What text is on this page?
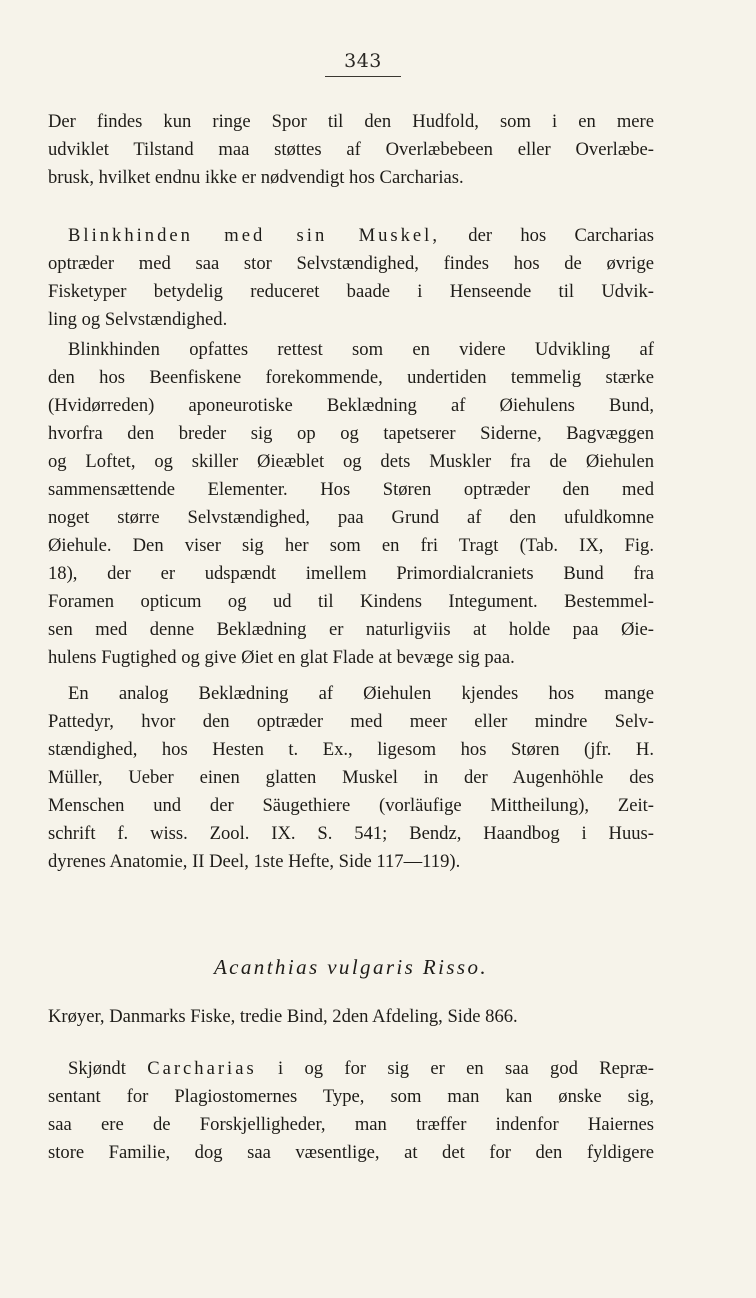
343
Der findes kun ringe Spor til den Hudfold, som i en mere
udviklet Tilstand maa støttes af Overlæbebeen eller Overlæbe-
brusk, hvilket endnu ikke er nødvendigt hos Carcharias.
Blinkhinden med sin Muskel, der hos Carcharias
optræder med saa stor Selvstændighed, findes hos de øvrige
Fisketyper betydelig reduceret baade i Henseende til Udvik-
ling og Selvstændighed.
Blinkhinden opfattes rettest som en videre Udvikling af
den hos Beenfiskene forekommende, undertiden temmelig stærke
(Hvidørreden) aponeurotiske Beklædning af Øiehulens Bund,
hvorfra den breder sig op og tapetserer Siderne, Bagvæggen
og Loftet, og skiller Øieæblet og dets Muskler fra de Øiehulen
sammensættende Elementer. Hos Støren optræder den med
noget større Selvstændighed, paa Grund af den ufuldkomne
Øiehule. Den viser sig her som en fri Tragt (Tab. IX, Fig.
18), der er udspændt imellem Primordialcraniets Bund fra
Foramen opticum og ud til Kindens Integument. Bestemmel-
sen med denne Beklædning er naturligviis at holde paa Øie-
hulens Fugtighed og give Øiet en glat Flade at bevæge sig paa.
En analog Beklædning af Øiehulen kjendes hos mange
Pattedyr, hvor den optræder med meer eller mindre Selv-
stændighed, hos Hesten t. Ex., ligesom hos Støren (jfr. H.
Müller, Ueber einen glatten Muskel in der Augenhöhle des
Menschen und der Säugethiere (vorläufige Mittheilung), Zeit-
schrift f. wiss. Zool. IX. S. 541; Bendz, Haandbog i Huus-
dyrenes Anatomie, II Deel, 1ste Hefte, Side 117—119).
Acanthias vulgaris Risso.
Krøyer, Danmarks Fiske, tredie Bind, 2den Afdeling, Side 866.
Skjøndt Carcharias i og for sig er en saa god Repræ-
sentant for Plagiostomernes Type, som man kan ønske sig,
saa ere de Forskjelligheder, man træffer indenfor Haiernes
store Familie, dog saa væsentlige, at det for den fyldigere
